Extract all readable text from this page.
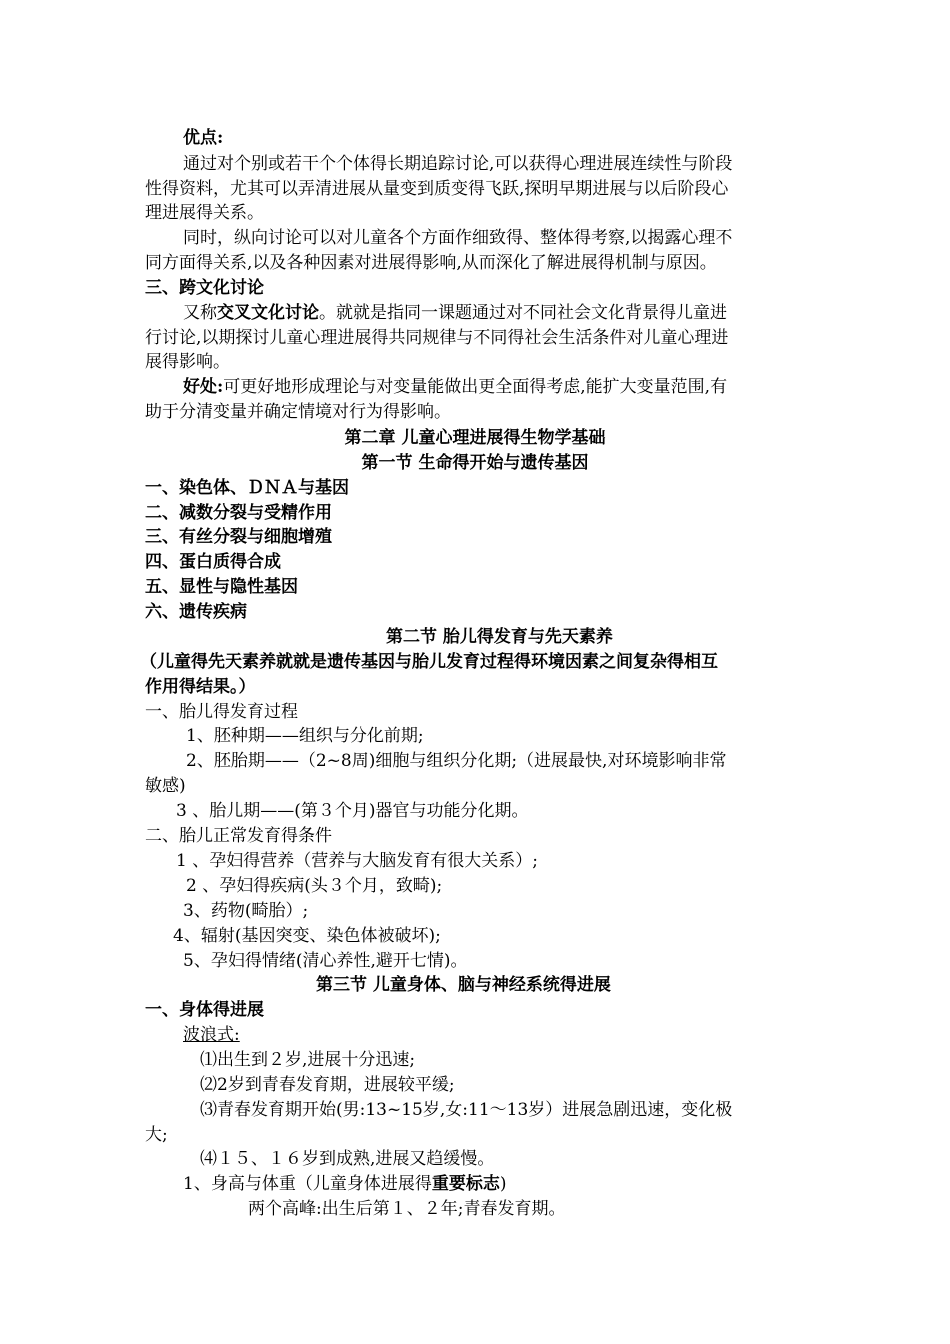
优点:
通过对个别或若干个个体得长期追踪讨论,可以获得心理进展连续性与阶段
性得资料，尤其可以弄清进展从量变到质变得飞跃,探明早期进展与以后阶段心
理进展得关系。
同时，纵向讨论可以对儿童各个方面作细致得、整体得考察,以揭露心理不
同方面得关系,以及各种因素对进展得影响,从而深化了解进展得机制与原因。
三、跨文化讨论
又称交叉文化讨论。就就是指同一课题通过对不同社会文化背景得儿童进
行讨论,以期探讨儿童心理进展得共同规律与不同得社会生活条件对儿童心理进
展得影响。
好处:可更好地形成理论与对变量能做出更全面得考虑,能扩大变量范围,有
助于分清变量并确定情境对行为得影响。
第二章 儿童心理进展得生物学基础
第一节 生命得开始与遗传基因
一、染色体、ＤＮＡ与基因
二、减数分裂与受精作用
三、有丝分裂与细胞增殖
四、蛋白质得合成
五、显性与隐性基因
六、遗传疾病
第二节 胎儿得发育与先天素养
（儿童得先天素养就就是遗传基因与胎儿发育过程得环境因素之间复杂得相互
作用得结果。）
一、胎儿得发育过程
1、胚种期——组织与分化前期;
2、胚胎期——（2~8周)细胞与组织分化期;（进展最快,对环境影响非常
敏感)
3 、胎儿期——(第３个月)器官与功能分化期。
二、胎儿正常发育得条件
1 、孕妇得营养（营养与大脑发育有很大关系）;
2 、孕妇得疾病(头３个月，致畸);
3、药物(畸胎）;
4、辐射(基因突变、染色体被破坏);
5、孕妇得情绪(清心养性,避开七情)。
第三节 儿童身体、脑与神经系统得进展
一、身体得进展
波浪式:
⑴出生到２岁,进展十分迅速;
⑵2岁到青春发育期，进展较平缓;
⑶青春发育期开始(男:13~15岁,女:11～13岁）进展急剧迅速，变化极
大;
⑷１５、１６岁到成熟,进展又趋缓慢。
1、身高与体重（儿童身体进展得重要标志)
两个高峰:出生后第１、２年;青春发育期。
